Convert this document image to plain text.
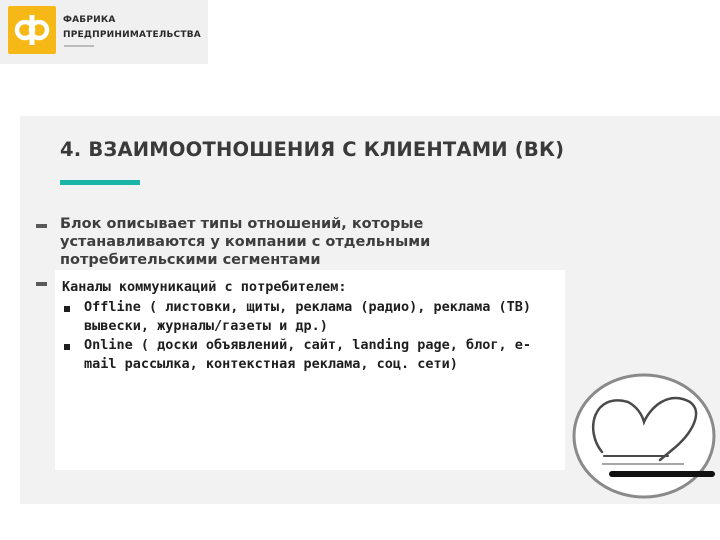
ФАБРИКА
ПРЕДПРИНИМАТЕЛЬСТВА
4. ВЗАИМООТНОШЕНИЯ С КЛИЕНТАМИ (ВК)
Блок описывает типы отношений, которые устанавливаются у компании с отдельными потребительскими сегментами
Каналы коммуникаций с потребителем:
Offline ( листовки, щиты, реклама (радио), реклама (ТВ) вывески, журналы/газеты и др.)
Online ( доски объявлений, сайт, landing page, блог, e-mail рассылка, контекстная реклама, соц. сети)
